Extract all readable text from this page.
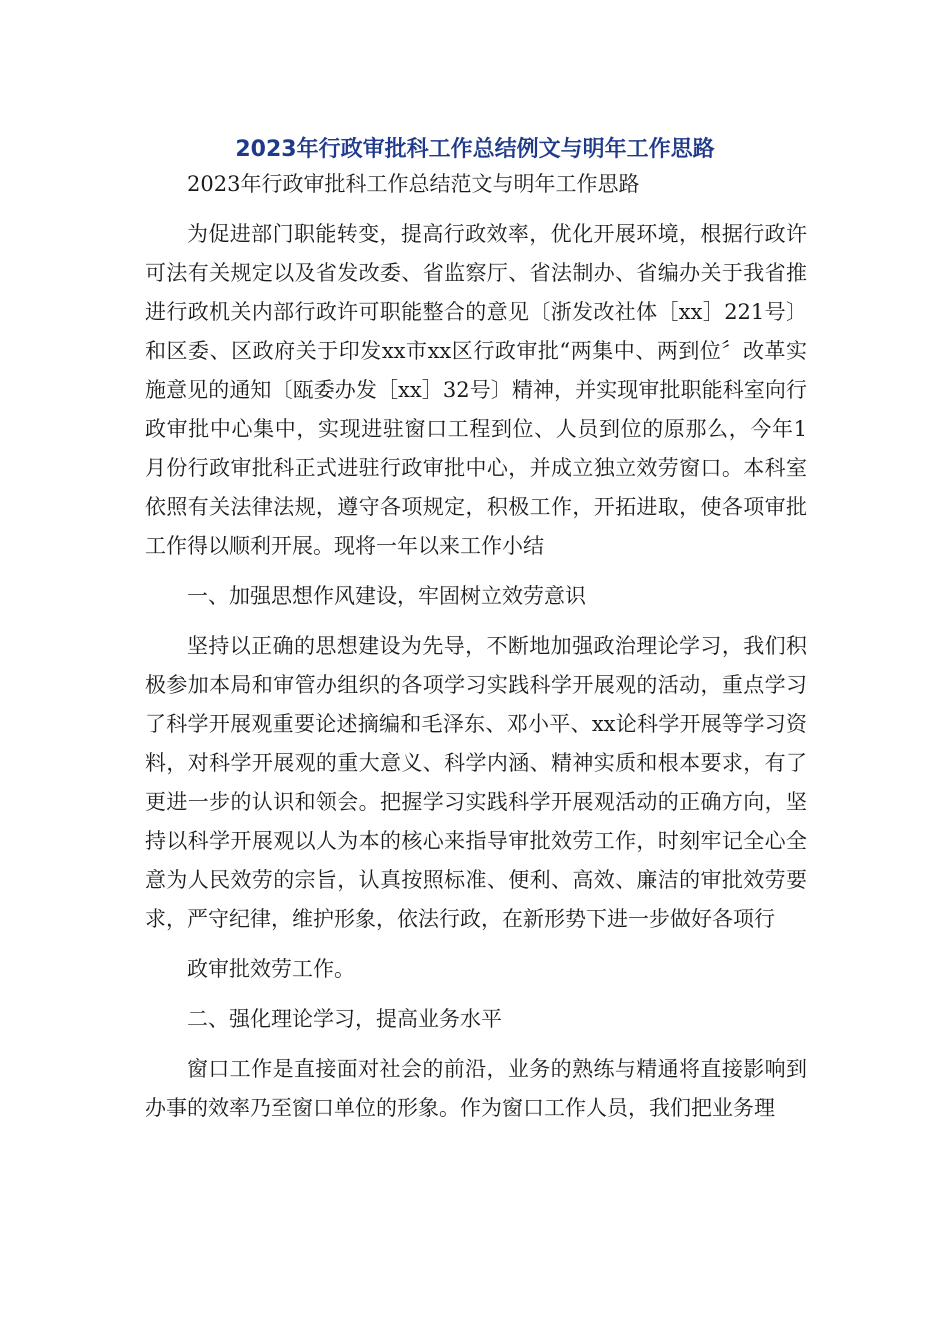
2023年行政审批科工作总结例文与明年工作思路

2023年行政审批科工作总结范文与明年工作思路

为促进部门职能转变，提高行政效率，优化开展环境，根据行政许可法有关规定以及省发改委、省监察厅、省法制办、省编办关于我省推进行政机关内部行政许可职能整合的意见〔浙发改社体［xx］221号〕和区委、区政府关于印发xx市xx区行政审批“两集中、两到位〞改革实施意见的通知〔瓯委办发［xx］32号〕精神，并实现审批职能科室向行政审批中心集中，实现进驻窗口工程到位、人员到位的原那么，今年1月份行政审批科正式进驻行政审批中心，并成立独立效劳窗口。本科室依照有关法律法规，遵守各项规定，积极工作，开拓进取，使各项审批工作得以顺利开展。现将一年以来工作小结

一、加强思想作风建设，牢固树立效劳意识

坚持以正确的思想建设为先导，不断地加强政治理论学习，我们积极参加本局和审管办组织的各项学习实践科学开展观的活动，重点学习了科学开展观重要论述摘编和毛泽东、邓小平、xx论科学开展等学习资料，对科学开展观的重大意义、科学内涵、精神实质和根本要求，有了更进一步的认识和领会。把握学习实践科学开展观活动的正确方向，坚持以科学开展观以人为本的核心来指导审批效劳工作，时刻牢记全心全意为人民效劳的宗旨，认真按照标准、便利、高效、廉洁的审批效劳要求，严守纪律，维护形象，依法行政，在新形势下进一步做好各项行

政审批效劳工作。

二、强化理论学习，提高业务水平

窗口工作是直接面对社会的前沿，业务的熟练与精通将直接影响到办事的效率乃至窗口单位的形象。作为窗口工作人员，我们把业务理
